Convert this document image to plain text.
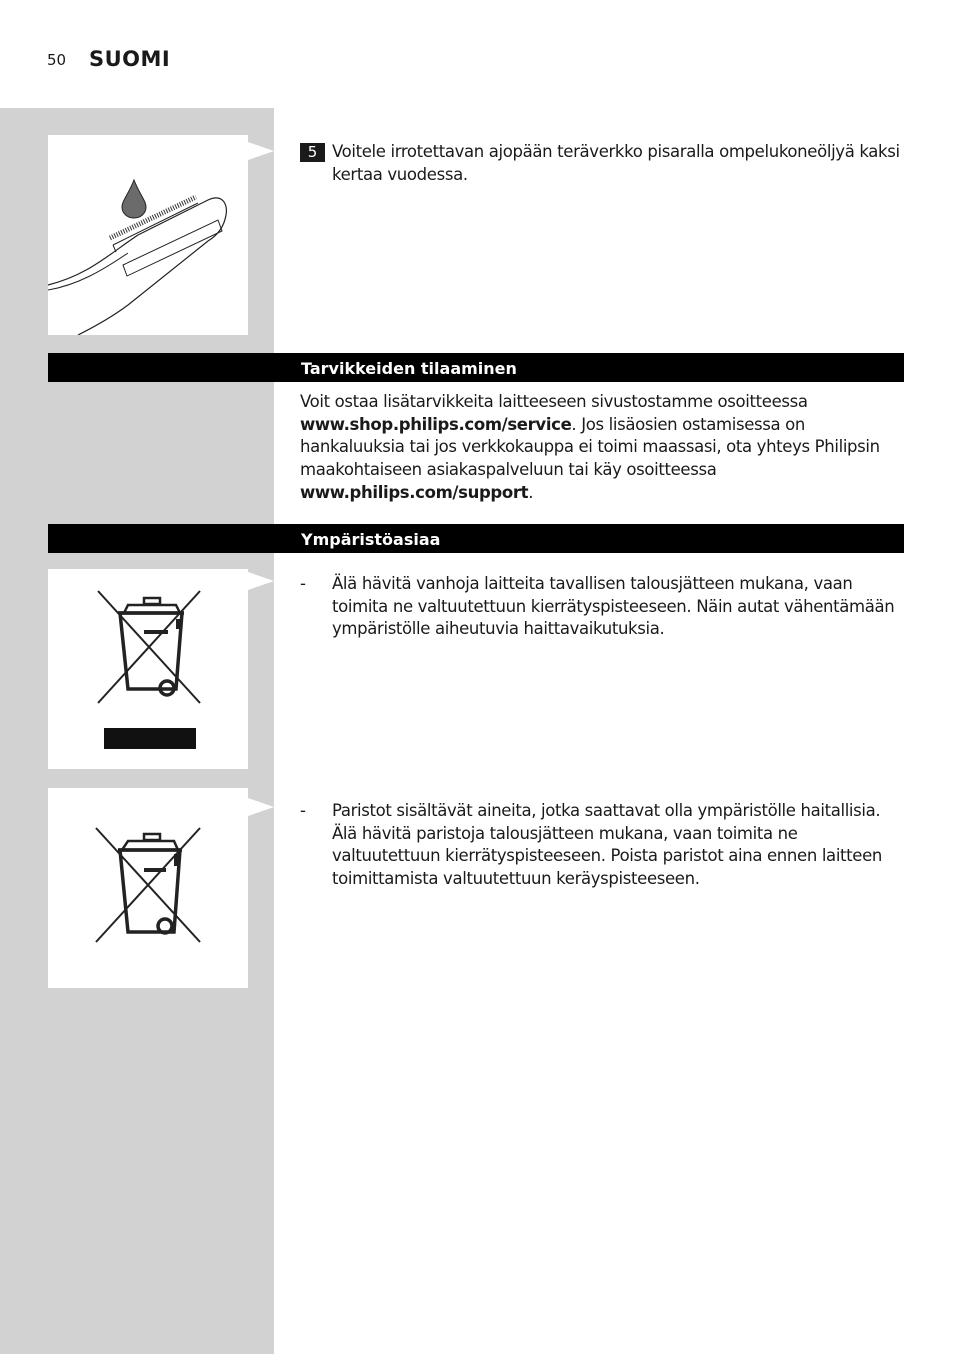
50 SUOMI
5 Voitele irrotettavan ajopään teräverkko pisaralla ompelukoneöljyä kaksi kertaa vuodessa.
Tarvikkeiden tilaaminen
Voit ostaa lisätarvikkeita laitteeseen sivustostamme osoitteessa www.shop.philips.com/service. Jos lisäosien ostamisessa on hankaluuksia tai jos verkkokauppa ei toimi maassasi, ota yhteys Philipsin maakohtaiseen asiakaspalveluun tai käy osoitteessa www.philips.com/support.
Ympäristöasiaa
- Älä hävitä vanhoja laitteita tavallisen talousjätteen mukana, vaan toimita ne valtuutettuun kierrätyspisteeseen. Näin autat vähentämään ympäristölle aiheutuvia haittavaikutuksia.
- Paristot sisältävät aineita, jotka saattavat olla ympäristölle haitallisia.
Älä hävitä paristoja talousjätteen mukana, vaan toimita ne valtuutettuun kierrätyspisteeseen. Poista paristot aina ennen laitteen toimittamista valtuutettuun keräyspisteeseen.
